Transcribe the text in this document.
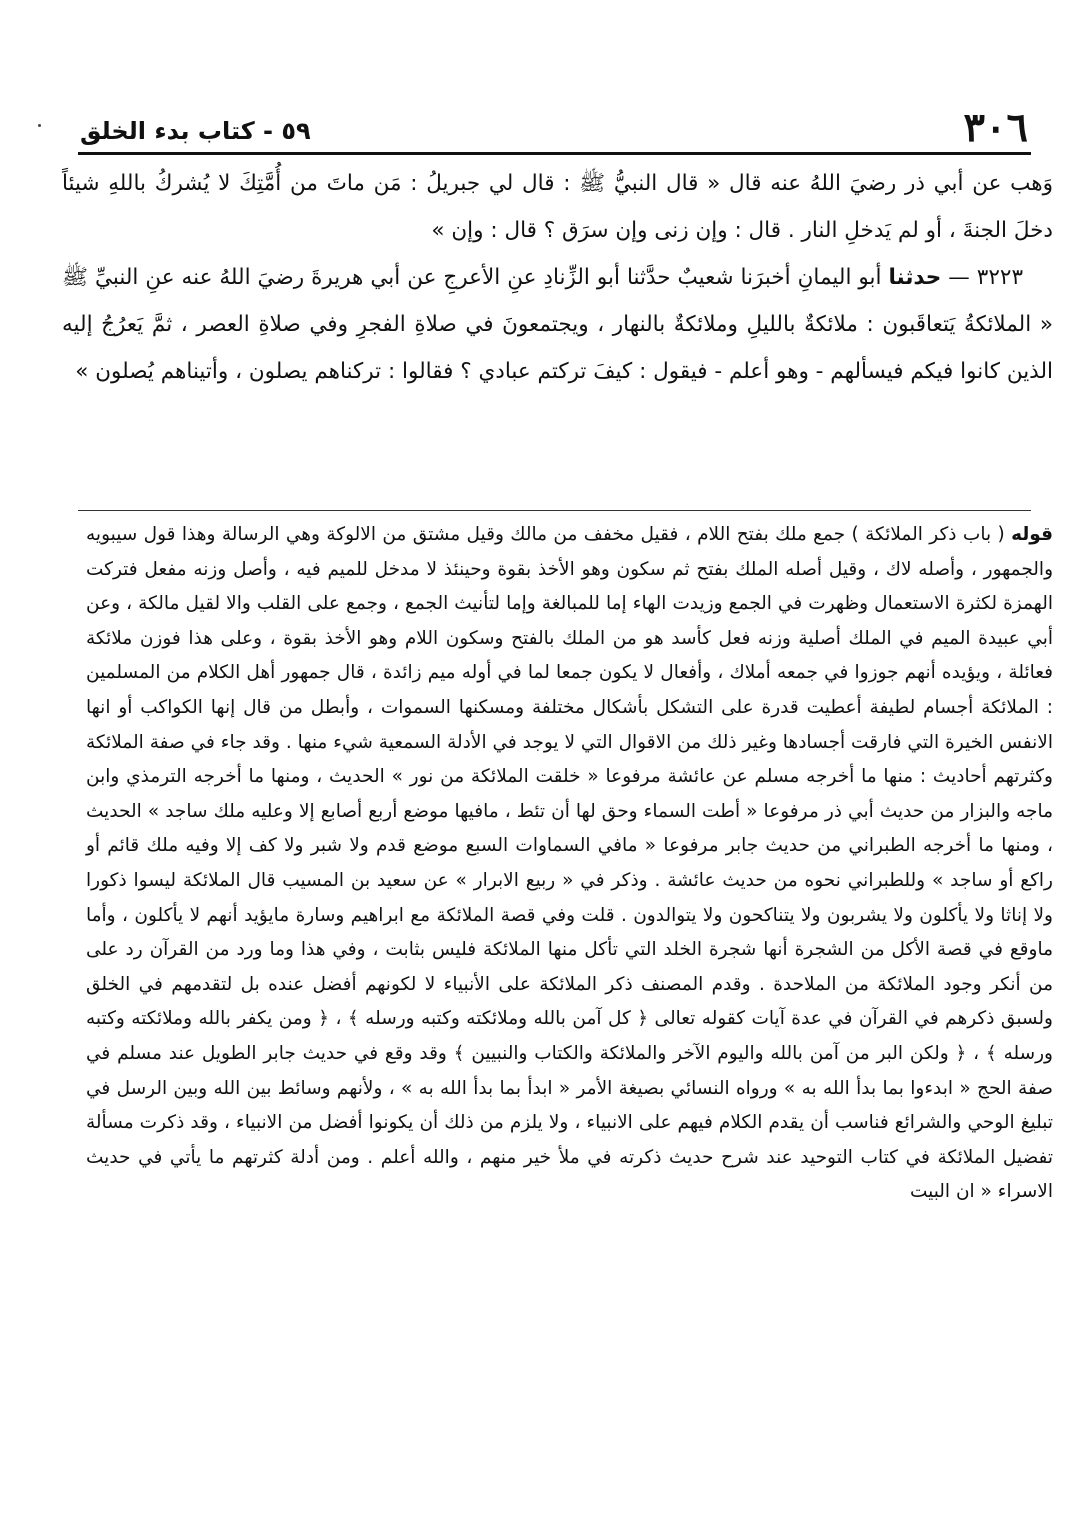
٣٠٦
٥٩ - كتاب بدء الخلق

وَهب عن أبي ذر رضيَ اللهُ عنه قال « قال النبيُّ ﷺ : قال لي جبريلُ : مَن ماتَ من أُمَّتِكَ لا يُشركُ باللهِ شيئاً دخلَ الجنةَ ، أو لم يَدخلِ النار . قال : وإن زنى وإن سرَق ؟ قال : وإن »

٣٢٢٣ — حدثنا أبو اليمانِ أخبرَنا شعيبٌ حدَّثنا أبو الزِّنادِ عنِ الأعرجِ عن أبي هريرةَ رضيَ اللهُ عنه عنِ النبيِّ ﷺ « الملائكةُ يَتعاقَبون : ملائكةٌ بالليلِ وملائكةٌ بالنهار ، ويجتمعونَ في صلاةِ الفجرِ وفي صلاةِ العصر ، ثمَّ يَعرُجُ إليه الذين كانوا فيكم فيسألهم - وهو أعلم - فيقول : كيفَ تركتم عبادي ؟ فقالوا : تركناهم يصلون ، وأتيناهم يُصلون »

قوله ( باب ذكر الملائكة ) جمع ملك بفتح اللام ، فقيل مخفف من مالك وقيل مشتق من الالوكة وهي الرسالة وهذا قول سيبويه والجمهور ، وأصله لاك ، وقيل أصله الملك بفتح ثم سكون وهو الأخذ بقوة وحينئذ لا مدخل للميم فيه ، وأصل وزنه مفعل فتركت الهمزة لكثرة الاستعمال وظهرت في الجمع وزيدت الهاء إما للمبالغة وإما لتأنيث الجمع ، وجمع على القلب والا لقيل مالكة ، وعن أبي عبيدة الميم في الملك أصلية وزنه فعل كأسد هو من الملك بالفتح وسكون اللام وهو الأخذ بقوة ، وعلى هذا فوزن ملائكة فعائلة ، ويؤيده أنهم جوزوا في جمعه أملاك ، وأفعال لا يكون جمعا لما في أوله ميم زائدة ، قال جمهور أهل الكلام من المسلمين : الملائكة أجسام لطيفة أعطيت قدرة على التشكل بأشكال مختلفة ومسكنها السموات ، وأبطل من قال إنها الكواكب أو انها الانفس الخيرة التي فارقت أجسادها وغير ذلك من الاقوال التي لا يوجد في الأدلة السمعية شيء منها . وقد جاء في صفة الملائكة وكثرتهم أحاديث : منها ما أخرجه مسلم عن عائشة مرفوعا « خلقت الملائكة من نور » الحديث ، ومنها ما أخرجه الترمذي وابن ماجه والبزار من حديث أبي ذر مرفوعا « أطت السماء وحق لها أن تئط ، مافيها موضع أربع أصابع إلا وعليه ملك ساجد » الحديث ، ومنها ما أخرجه الطبراني من حديث جابر مرفوعا « مافي السماوات السبع موضع قدم ولا شبر ولا كف إلا وفيه ملك قائم أو راكع أو ساجد » وللطبراني نحوه من حديث عائشة . وذكر في « ربيع الابرار » عن سعيد بن المسيب قال الملائكة ليسوا ذكورا ولا إناثا ولا يأكلون ولا يشربون ولا يتناكحون ولا يتوالدون . قلت وفي قصة الملائكة مع ابراهيم وسارة مايؤيد أنهم لا يأكلون ، وأما ماوقع في قصة الأكل من الشجرة أنها شجرة الخلد التي تأكل منها الملائكة فليس بثابت ، وفي هذا وما ورد من القرآن رد على من أنكر وجود الملائكة من الملاحدة . وقدم المصنف ذكر الملائكة على الأنبياء لا لكونهم أفضل عنده بل لتقدمهم في الخلق ولسبق ذكرهم في القرآن في عدة آيات كقوله تعالى ﴿ كل آمن بالله وملائكته وكتبه ورسله ﴾ ، ﴿ ومن يكفر بالله وملائكته وكتبه ورسله ﴾ ، ﴿ ولكن البر من آمن بالله واليوم الآخر والملائكة والكتاب والنبيين ﴾ وقد وقع في حديث جابر الطويل عند مسلم في صفة الحج « ابدءوا بما بدأ الله به » ورواه النسائي بصيغة الأمر « ابدأ بما بدأ الله به » ، ولأنهم وسائط بين الله وبين الرسل في تبليغ الوحي والشرائع فناسب أن يقدم الكلام فيهم على الانبياء ، ولا يلزم من ذلك أن يكونوا أفضل من الانبياء ، وقد ذكرت مسألة تفضيل الملائكة في كتاب التوحيد عند شرح حديث ذكرته في ملأ خير منهم ، والله أعلم . ومن أدلة كثرتهم ما يأتي في حديث الاسراء « ان البيت
